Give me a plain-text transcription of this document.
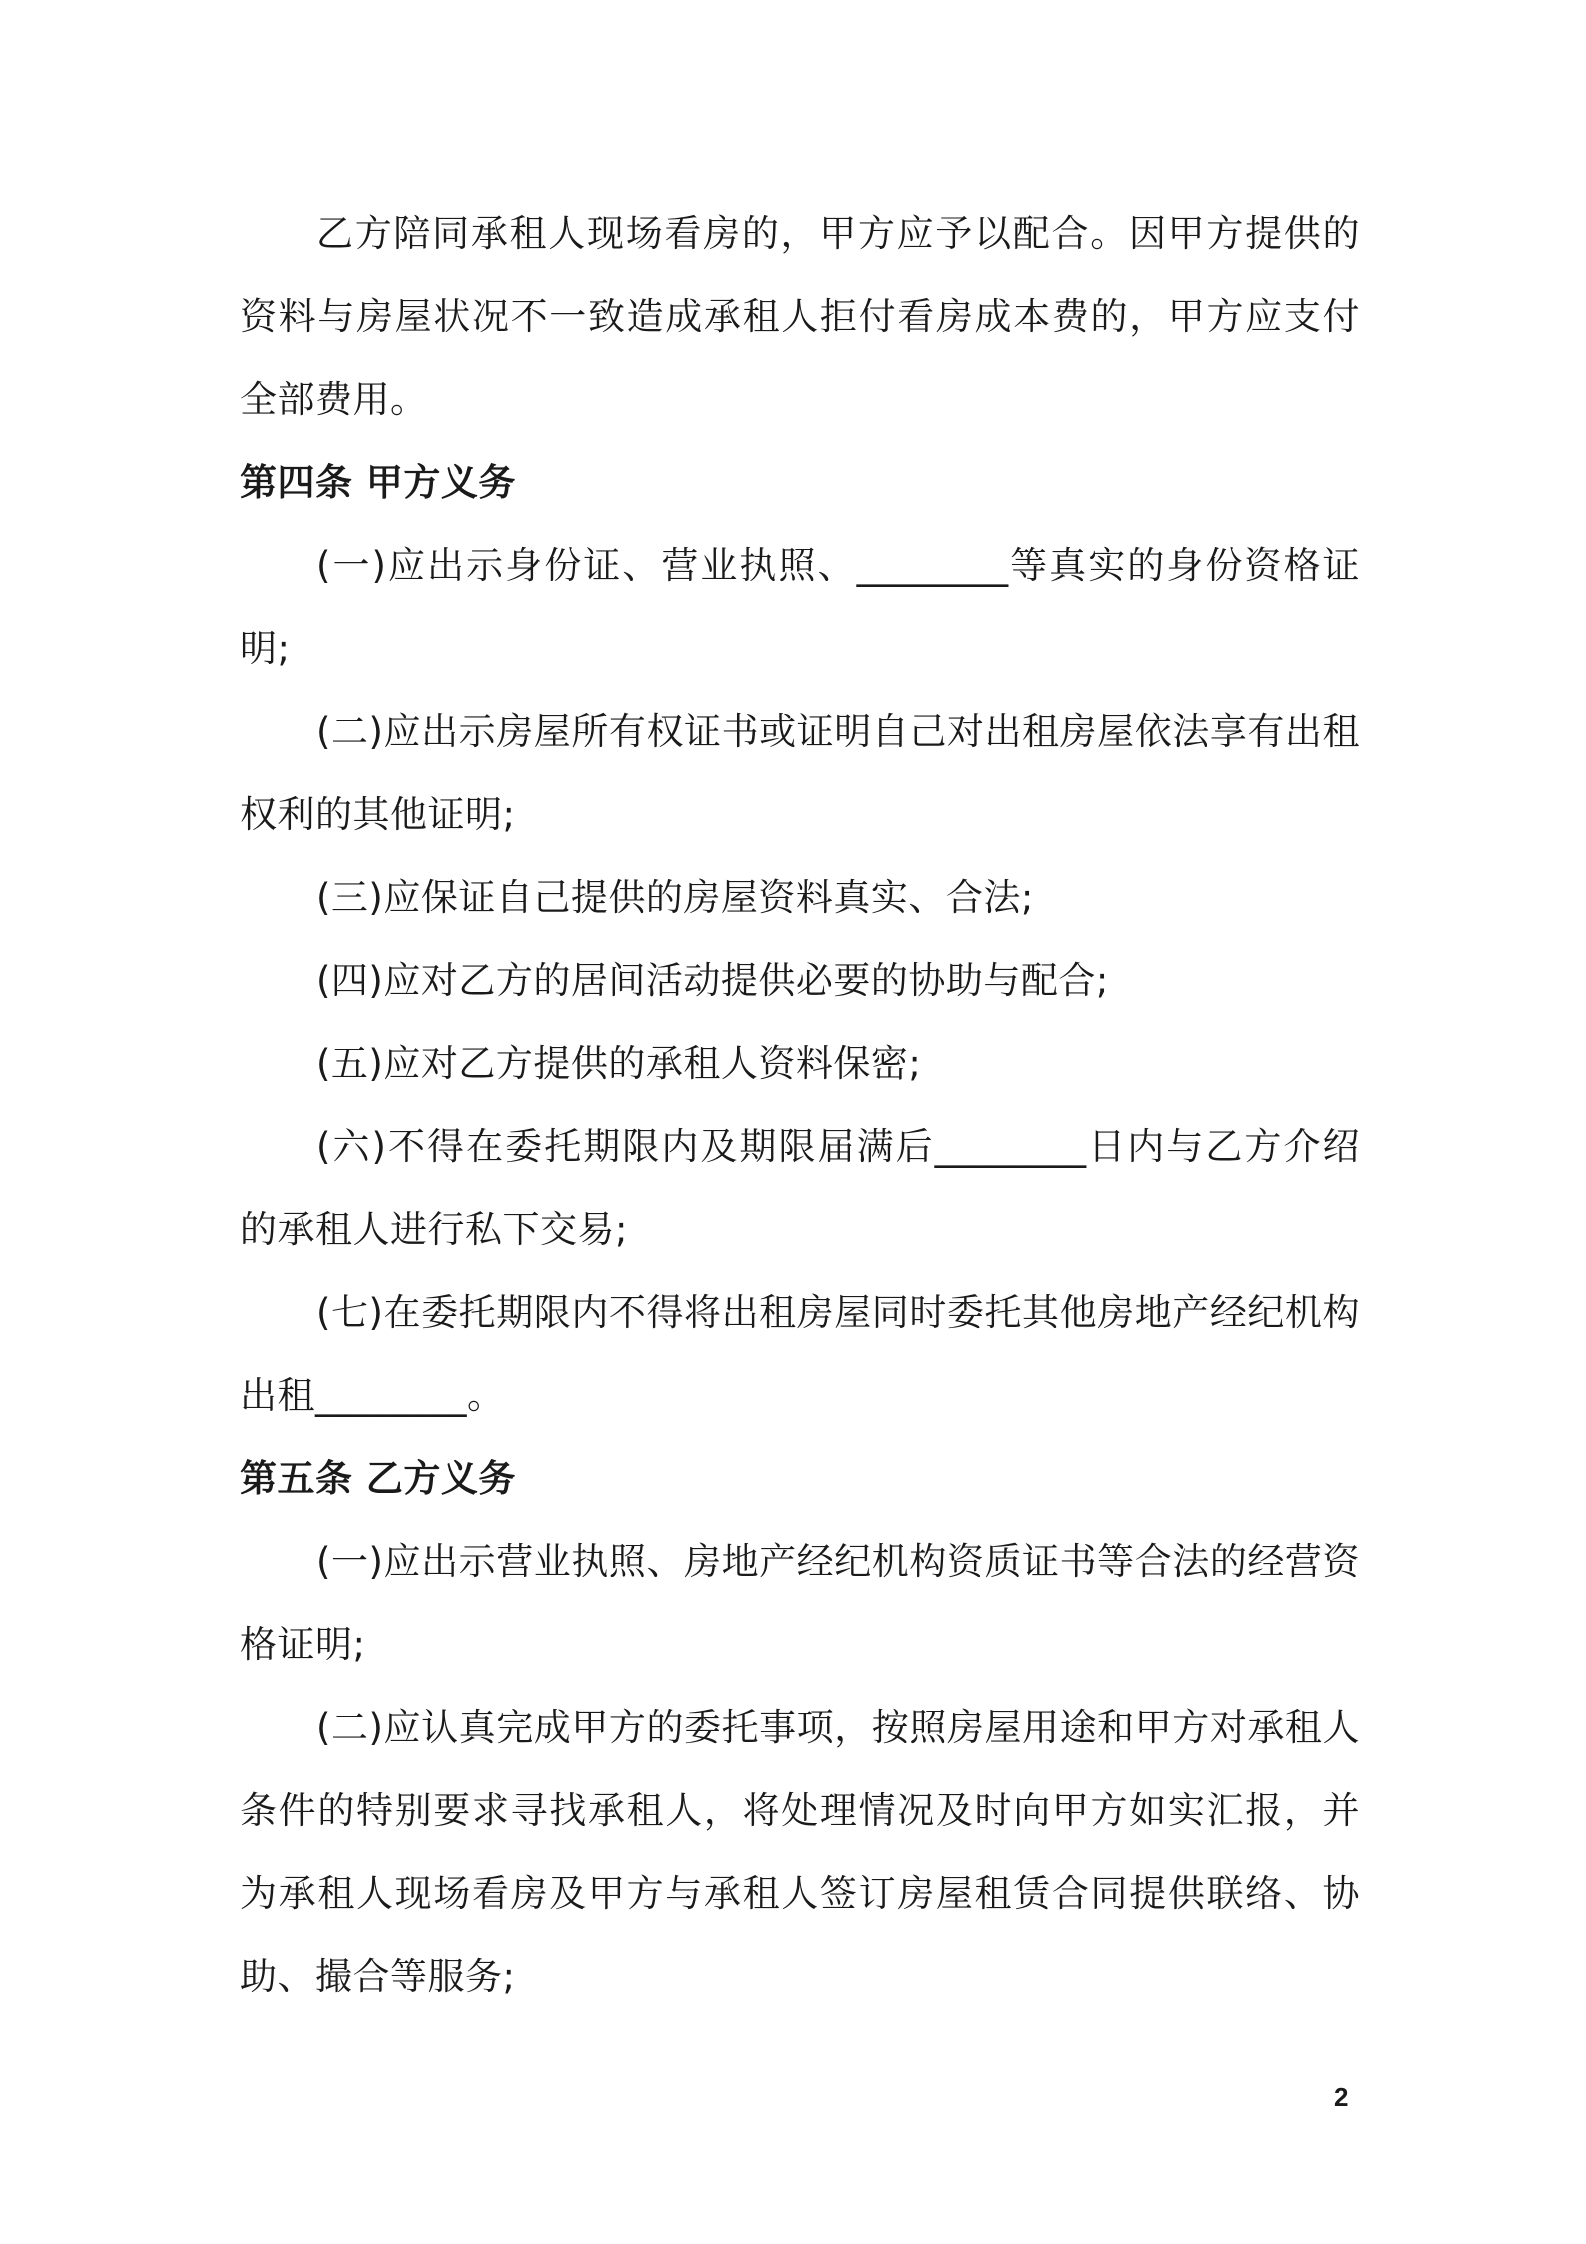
乙方陪同承租人现场看房的，甲方应予以配合。因甲方提供的资料与房屋状况不一致造成承租人拒付看房成本费的，甲方应支付全部费用。

第四条 甲方义务

(一)应出示身份证、营业执照、________等真实的身份资格证明;

(二)应出示房屋所有权证书或证明自己对出租房屋依法享有出租权利的其他证明;

(三)应保证自己提供的房屋资料真实、合法;

(四)应对乙方的居间活动提供必要的协助与配合;

(五)应对乙方提供的承租人资料保密;

(六)不得在委托期限内及期限届满后________日内与乙方介绍的承租人进行私下交易;

(七)在委托期限内不得将出租房屋同时委托其他房地产经纪机构出租________。

第五条 乙方义务

(一)应出示营业执照、房地产经纪机构资质证书等合法的经营资格证明;

(二)应认真完成甲方的委托事项，按照房屋用途和甲方对承租人条件的特别要求寻找承租人，将处理情况及时向甲方如实汇报，并为承租人现场看房及甲方与承租人签订房屋租赁合同提供联络、协助、撮合等服务;

2
